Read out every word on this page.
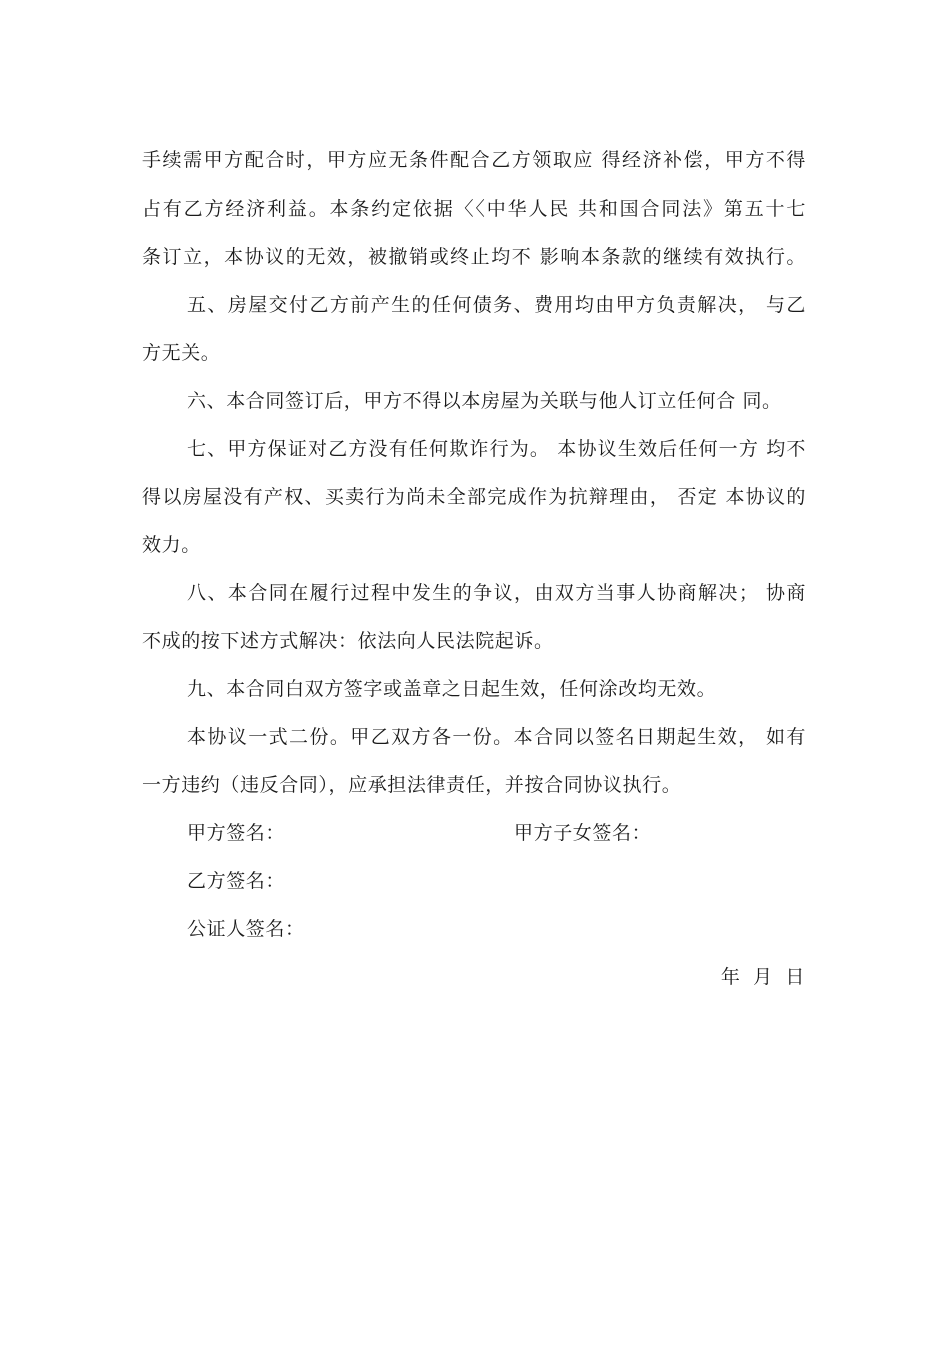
手续需甲方配合时，甲方应无条件配合乙方领取应 得经济补偿，甲方不得
占有乙方经济利益。本条约定依据〈〈中华人民 共和国合同法》第五十七
条订立，本协议的无效，被撤销或终止均不 影响本条款的继续有效执行。
五、房屋交付乙方前产生的任何债务、费用均由甲方负责解决， 与乙
方无关。
六、本合同签订后，甲方不得以本房屋为关联与他人订立任何合 同。
七、甲方保证对乙方没有任何欺诈行为。 本协议生效后任何一方 均不
得以房屋没有产权、买卖行为尚未全部完成作为抗辩理由， 否定 本协议的
效力。
八、本合同在履行过程中发生的争议，由双方当事人协商解决； 协商
不成的按下述方式解决：依法向人民法院起诉。
九、本合同白双方签字或盖章之日起生效，任何涂改均无效。
本协议一式二份。甲乙双方各一份。本合同以签名日期起生效， 如有
一方违约（违反合同），应承担法律责任，并按合同协议执行。
甲方签名：	甲方子女签名：
乙方签名：
公证人签名：
年 月 日
